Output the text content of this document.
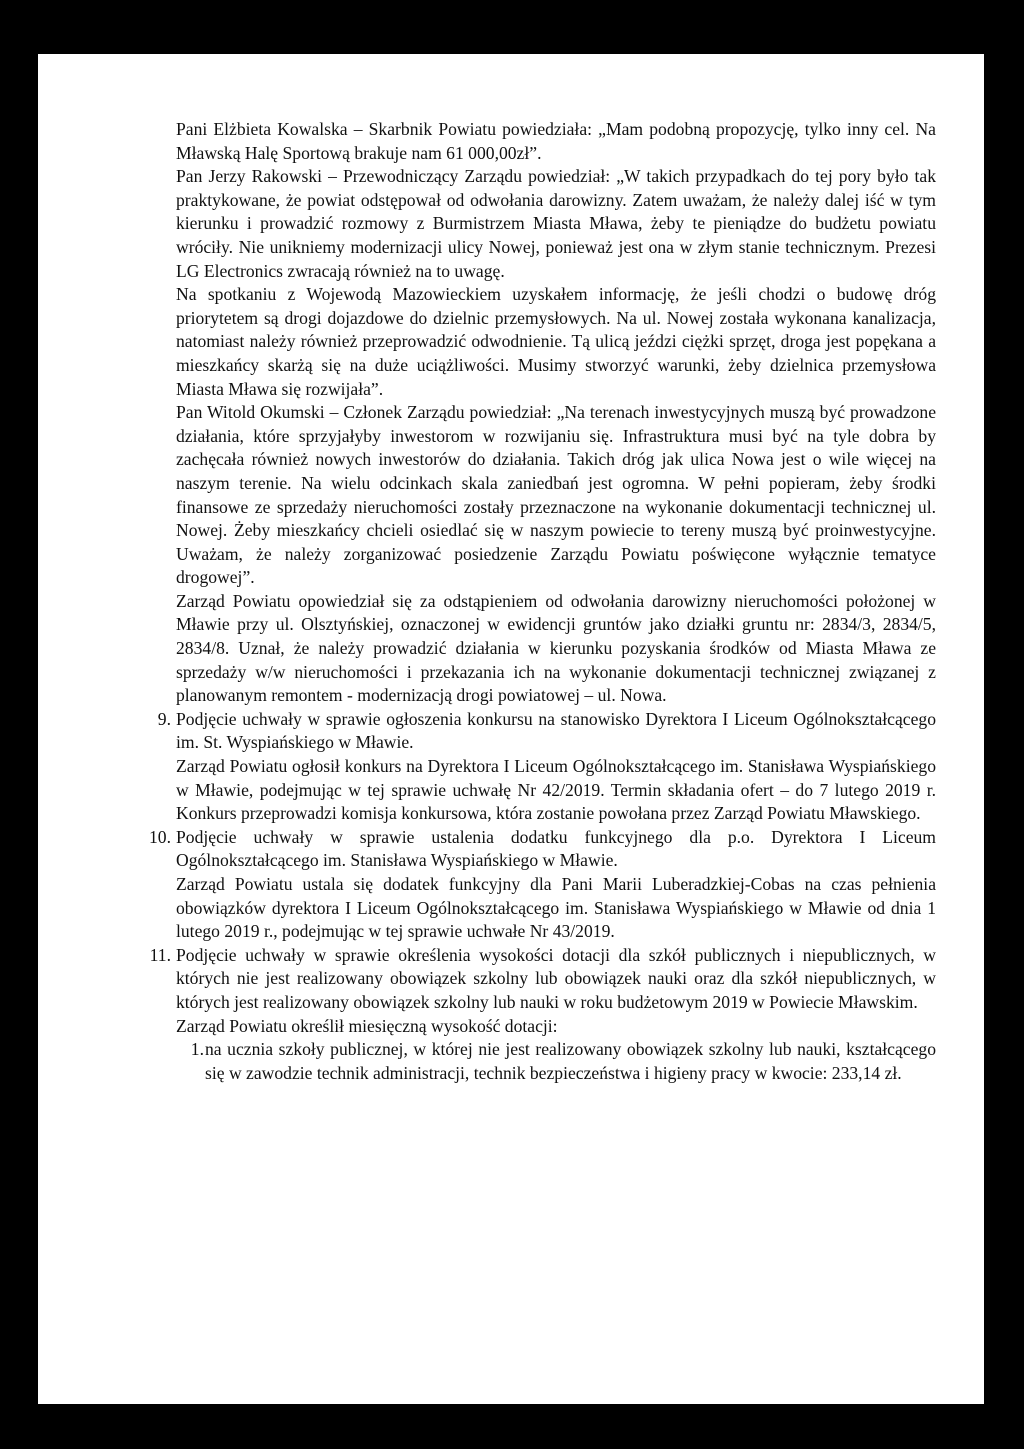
Pani Elżbieta Kowalska – Skarbnik Powiatu powiedziała: „Mam podobną propozycję, tylko inny cel. Na Mławską Halę Sportową brakuje nam 61 000,00zł”.

Pan Jerzy Rakowski – Przewodniczący Zarządu powiedział: „W takich przypadkach do tej pory było tak praktykowane, że powiat odstępował od odwołania darowizny. Zatem uważam, że należy dalej iść w tym kierunku i prowadzić rozmowy z Burmistrzem Miasta Mława, żeby te pieniądze do budżetu powiatu wróciły. Nie unikniemy modernizacji ulicy Nowej, ponieważ jest ona w złym stanie technicznym. Prezesi LG Electronics zwracają również na to uwagę.

Na spotkaniu z Wojewodą Mazowieckiem uzyskałem informację, że jeśli chodzi o budowę dróg priorytetem są drogi dojazdowe do dzielnic przemysłowych. Na ul. Nowej została wykonana kanalizacja, natomiast należy również przeprowadzić odwodnienie. Tą ulicą jeździ ciężki sprzęt, droga jest popękana a mieszkańcy skarżą się na duże uciążliwości. Musimy stworzyć warunki, żeby dzielnica przemysłowa Miasta Mława się rozwijała”.

Pan Witold Okumski – Członek Zarządu powiedział: „Na terenach inwestycyjnych muszą być prowadzone działania, które sprzyjałyby inwestorom w rozwijaniu się. Infrastruktura musi być na tyle dobra by zachęcała również nowych inwestorów do działania. Takich dróg jak ulica Nowa jest o wile więcej na naszym terenie. Na wielu odcinkach skala zaniedbań jest ogromna. W pełni popieram, żeby środki finansowe ze sprzedaży nieruchomości zostały przeznaczone na wykonanie dokumentacji technicznej ul. Nowej. Żeby mieszkańcy chcieli osiedlać się w naszym powiecie to tereny muszą być proinwestycyjne. Uważam, że należy zorganizować posiedzenie Zarządu Powiatu poświęcone wyłącznie tematyce drogowej”.

Zarząd Powiatu opowiedział się za odstąpieniem od odwołania darowizny nieruchomości położonej w Mławie przy ul. Olsztyńskiej, oznaczonej w ewidencji gruntów jako działki gruntu nr: 2834/3, 2834/5, 2834/8. Uznał, że należy prowadzić działania w kierunku pozyskania środków od Miasta Mława ze sprzedaży w/w nieruchomości i przekazania ich na wykonanie dokumentacji technicznej związanej z planowanym remontem - modernizacją drogi powiatowej – ul. Nowa.

9. Podjęcie uchwały w sprawie ogłoszenia konkursu na stanowisko Dyrektora I Liceum Ogólnokształcącego im. St. Wyspiańskiego w Mławie.

Zarząd Powiatu ogłosił konkurs na Dyrektora I Liceum Ogólnokształcącego im. Stanisława Wyspiańskiego w Mławie, podejmując w tej sprawie uchwałę Nr 42/2019. Termin składania ofert – do 7 lutego 2019 r. Konkurs przeprowadzi komisja konkursowa, która zostanie powołana przez Zarząd Powiatu Mławskiego.

10. Podjęcie uchwały w sprawie ustalenia dodatku funkcyjnego dla p.o. Dyrektora I Liceum Ogólnokształcącego im. Stanisława Wyspiańskiego w Mławie.

Zarząd Powiatu ustala się dodatek funkcyjny dla Pani Marii Luberadzkiej-Cobas na czas pełnienia obowiązków dyrektora I Liceum Ogólnokształcącego im. Stanisława Wyspiańskiego w Mławie od dnia 1 lutego 2019 r., podejmując w tej sprawie uchwałe Nr 43/2019.

11. Podjęcie uchwały w sprawie określenia wysokości dotacji dla szkół publicznych i niepublicznych, w których nie jest realizowany obowiązek szkolny lub obowiązek nauki oraz dla szkół niepublicznych, w których jest realizowany obowiązek szkolny lub nauki w roku budżetowym 2019 w Powiecie Mławskim.

Zarząd Powiatu określił miesięczną wysokość dotacji:

1. na ucznia szkoły publicznej, w której nie jest realizowany obowiązek szkolny lub nauki, kształcącego się w zawodzie technik administracji, technik bezpieczeństwa i higieny pracy w kwocie: 233,14 zł.
